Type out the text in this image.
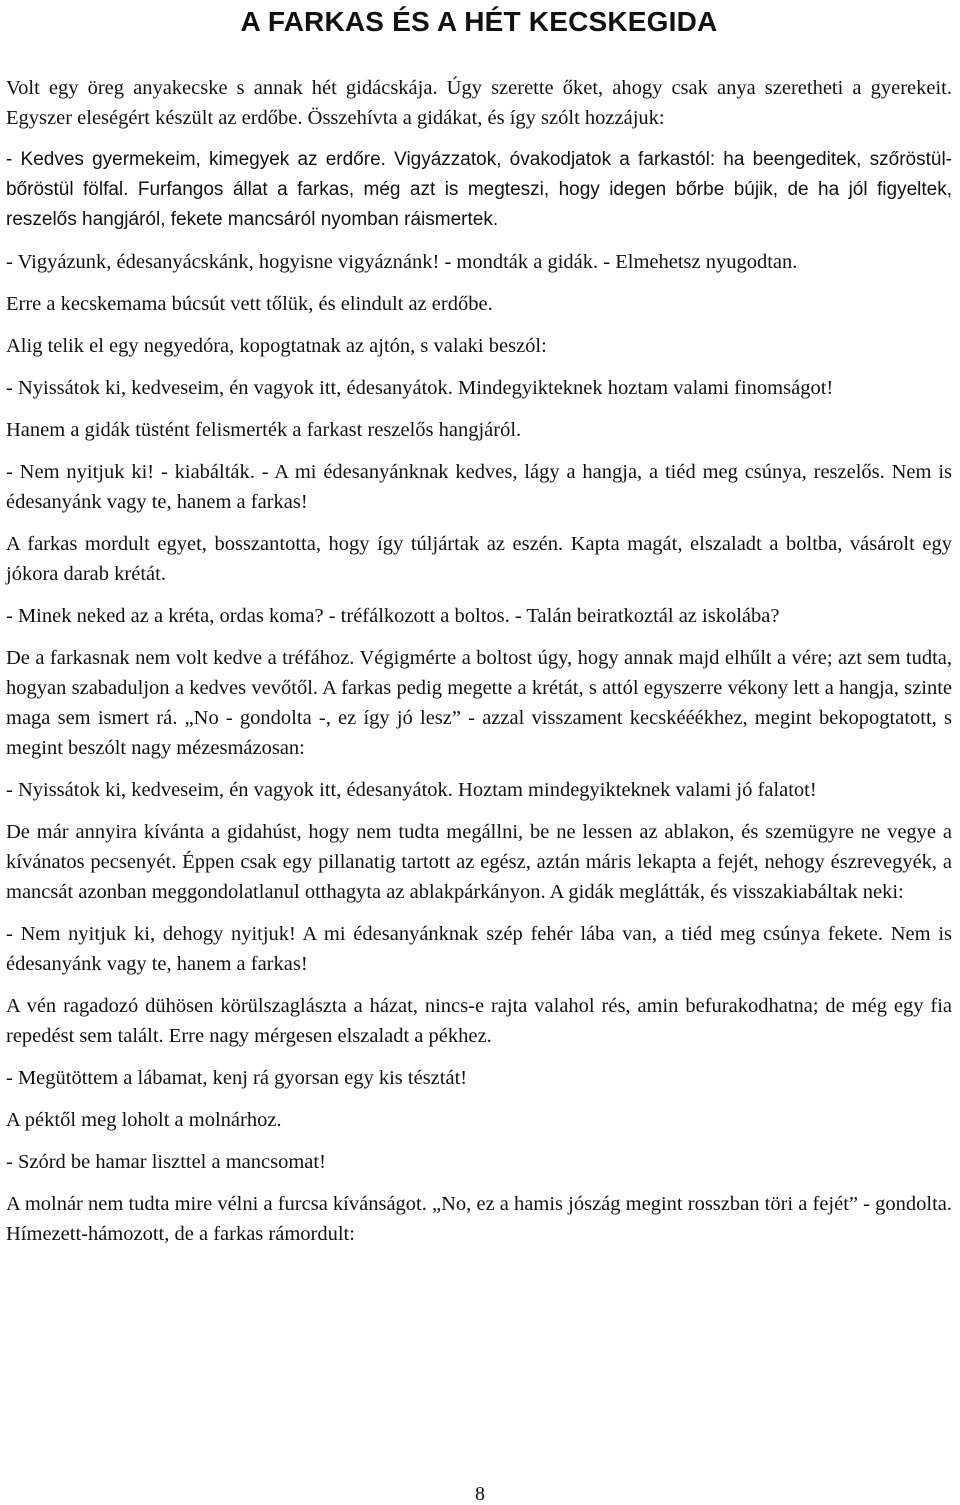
A FARKAS ÉS A HÉT KECSKEGIDA

Volt egy öreg anyakecske s annak hét gidácskája. Úgy szerette őket, ahogy csak anya szeretheti a gyerekeit. Egyszer eleségért készült az erdőbe. Összehívta a gidákat, és így szólt hozzájuk:

- Kedves gyermekeim, kimegyek az erdőre. Vigyázzatok, óvakodjatok a farkastól: ha beengeditek, szőröstül-bőröstül fölfal. Furfangos állat a farkas, még azt is megteszi, hogy idegen bőrbe bújik, de ha jól figyeltek, reszelős hangjáról, fekete mancsáról nyomban ráismertek.

- Vigyázunk, édesanyácskánk, hogyisne vigyáznánk! - mondták a gidák. - Elmehetsz nyugodtan.

Erre a kecskemama búcsút vett tőlük, és elindult az erdőbe.

Alig telik el egy negyedóra, kopogtatnak az ajtón, s valaki beszól:

- Nyissátok ki, kedveseim, én vagyok itt, édesanyátok. Mindegyikteknek hoztam valami finomságot!

Hanem a gidák tüstént felismerték a farkast reszelős hangjáról.

- Nem nyitjuk ki! - kiabálták. - A mi édesanyánknak kedves, lágy a hangja, a tiéd meg csúnya, reszelős. Nem is édesanyánk vagy te, hanem a farkas!

A farkas mordult egyet, bosszantotta, hogy így túljártak az eszén. Kapta magát, elszaladt a boltba, vásárolt egy jókora darab krétát.

- Minek neked az a kréta, ordas koma? - tréfálkozott a boltos. - Talán beiratkoztál az iskolába?

De a farkasnak nem volt kedve a tréfához. Végigmérte a boltost úgy, hogy annak majd elhűlt a vére; azt sem tudta, hogyan szabaduljon a kedves vevőtől. A farkas pedig megette a krétát, s attól egyszerre vékony lett a hangja, szinte maga sem ismert rá. „No - gondolta -, ez így jó lesz” - azzal visszament kecskééékhez, megint bekopogtatott, s megint beszólt nagy mézesmázosan:

- Nyissátok ki, kedveseim, én vagyok itt, édesanyátok. Hoztam mindegyikteknek valami jó falatot!

De már annyira kívánta a gidahúst, hogy nem tudta megállni, be ne lessen az ablakon, és szemügyre ne vegye a kívánatos pecsenyét. Éppen csak egy pillanatig tartott az egész, aztán máris lekapta a fejét, nehogy észrevegyék, a mancsát azonban meggondolatlanul otthagyta az ablakpárkányon. A gidák meglátták, és visszakiabáltak neki:

- Nem nyitjuk ki, dehogy nyitjuk! A mi édesanyánknak szép fehér lába van, a tiéd meg csúnya fekete. Nem is édesanyánk vagy te, hanem a farkas!

A vén ragadozó dühösen körülszaglászta a házat, nincs-e rajta valahol rés, amin befurakodhatna; de még egy fia repedést sem talált. Erre nagy mérgesen elszaladt a pékhez.

- Megütöttem a lábamat, kenj rá gyorsan egy kis tésztát!

A péktől meg loholt a molnárhoz.

- Szórd be hamar liszttel a mancsomat!

A molnár nem tudta mire vélni a furcsa kívánságot. „No, ez a hamis jószág megint rosszban töri a fejét” - gondolta. Hímezett-hámozott, de a farkas rámordult:

8
